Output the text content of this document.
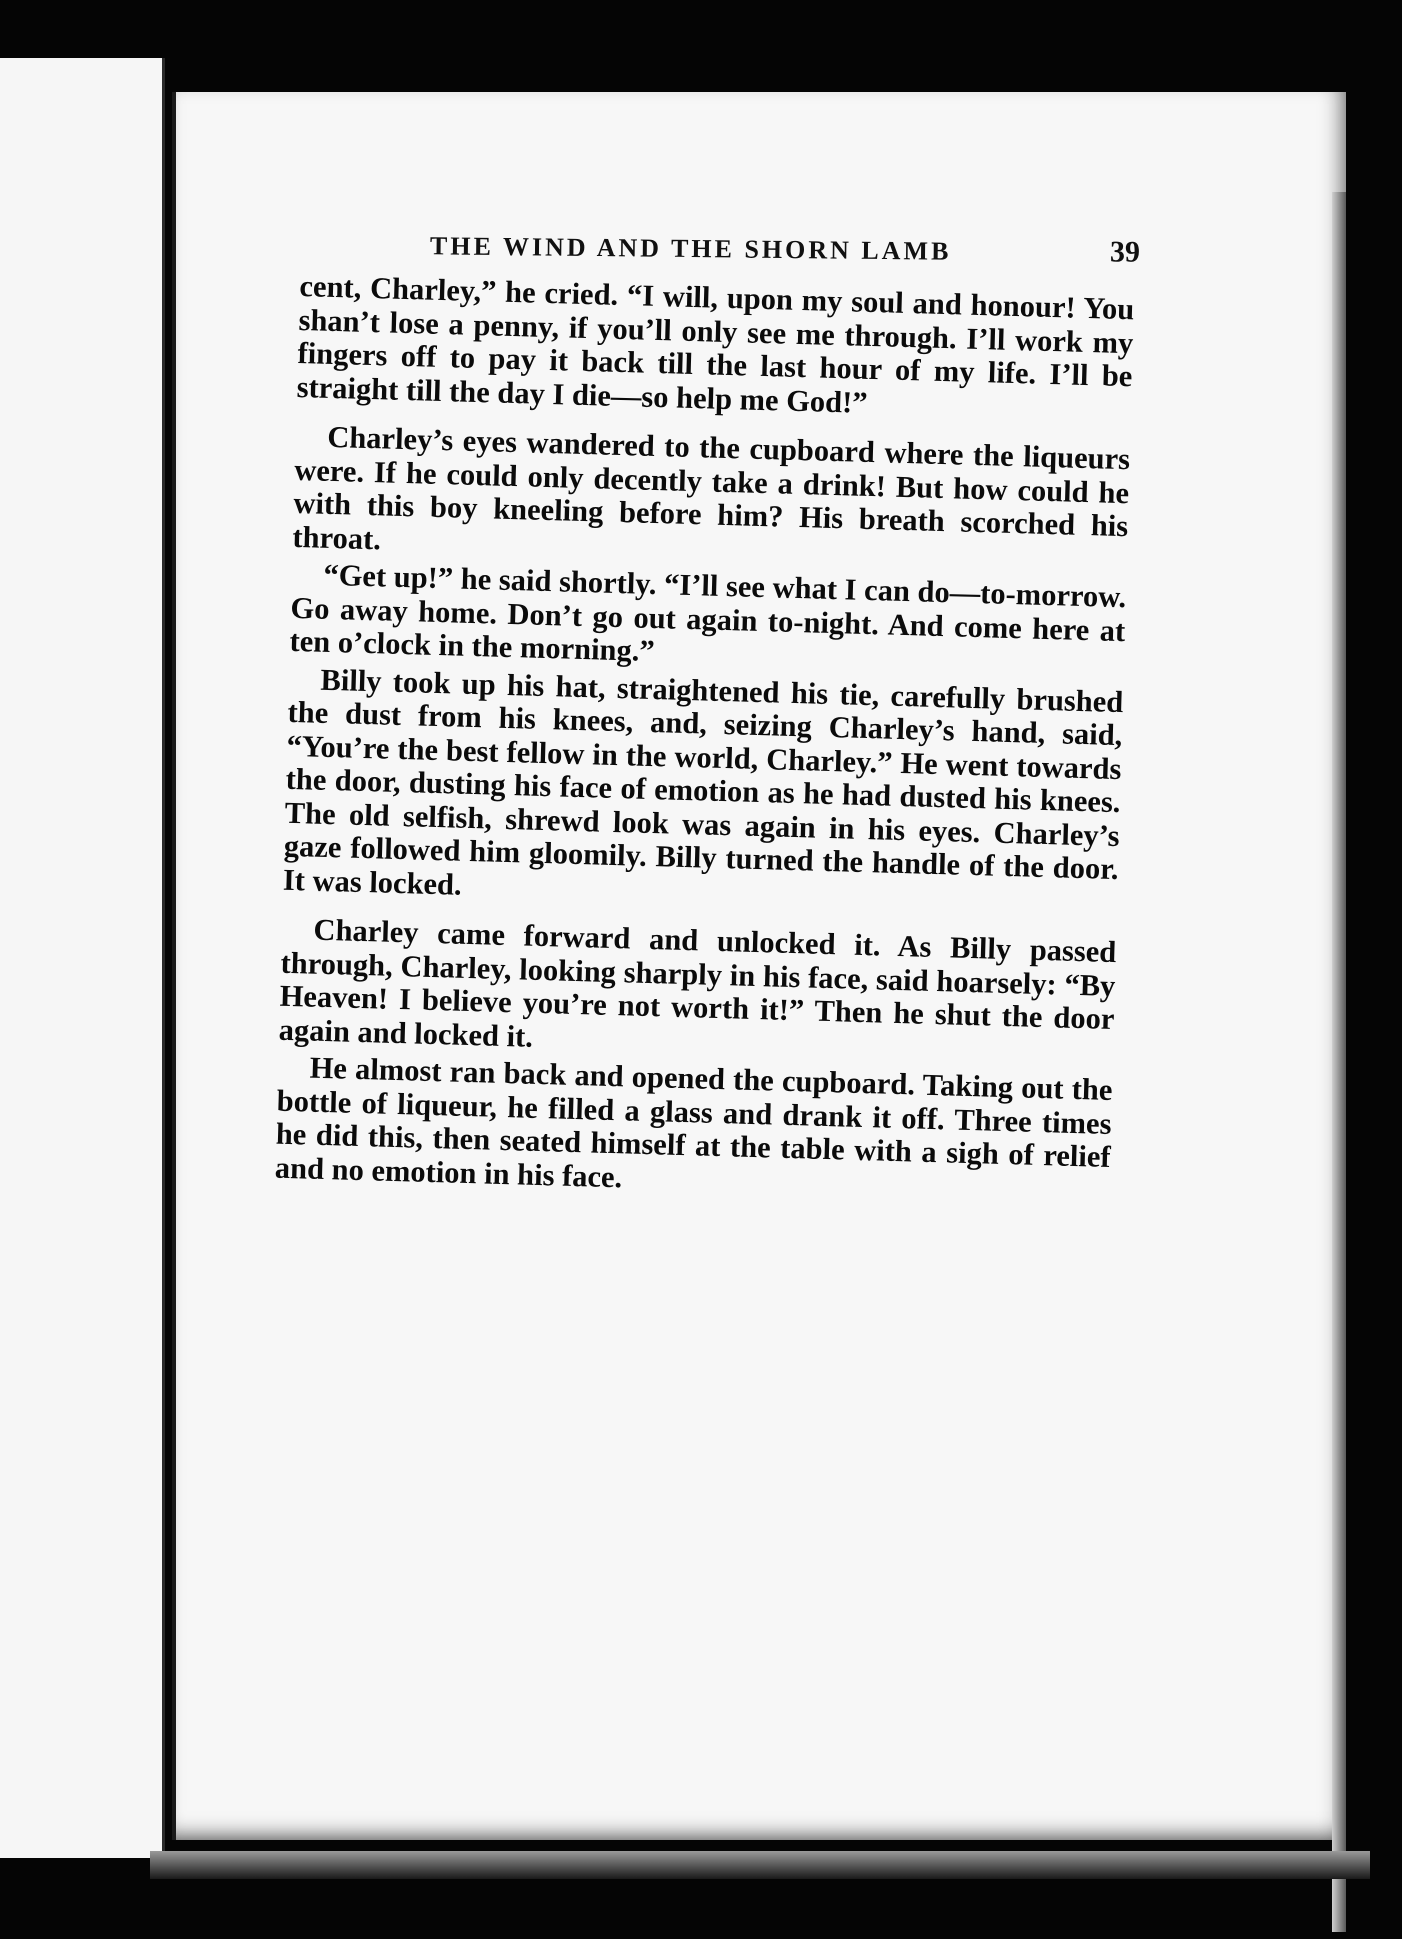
THE WIND AND THE SHORN LAMB	39

cent, Charley,” he cried. “I will, upon my soul and honour! You shan’t lose a penny, if you’ll only see me through. I’ll work my fingers off to pay it back till the last hour of my life. I’ll be straight till the day I die—so help me God!”

Charley’s eyes wandered to the cupboard where the liqueurs were. If he could only decently take a drink! But how could he with this boy kneeling before him? His breath scorched his throat.

“Get up!” he said shortly. “I’ll see what I can do—to-morrow. Go away home. Don’t go out again to-night. And come here at ten o’clock in the morning.”

Billy took up his hat, straightened his tie, carefully brushed the dust from his knees, and, seizing Charley’s hand, said, “You’re the best fellow in the world, Charley.” He went towards the door, dusting his face of emotion as he had dusted his knees. The old selfish, shrewd look was again in his eyes. Charley’s gaze followed him gloomily. Billy turned the handle of the door. It was locked.

Charley came forward and unlocked it. As Billy passed through, Charley, looking sharply in his face, said hoarsely: “By Heaven! I believe you’re not worth it!” Then he shut the door again and locked it.

He almost ran back and opened the cupboard. Taking out the bottle of liqueur, he filled a glass and drank it off. Three times he did this, then seated himself at the table with a sigh of relief and no emotion in his face.
